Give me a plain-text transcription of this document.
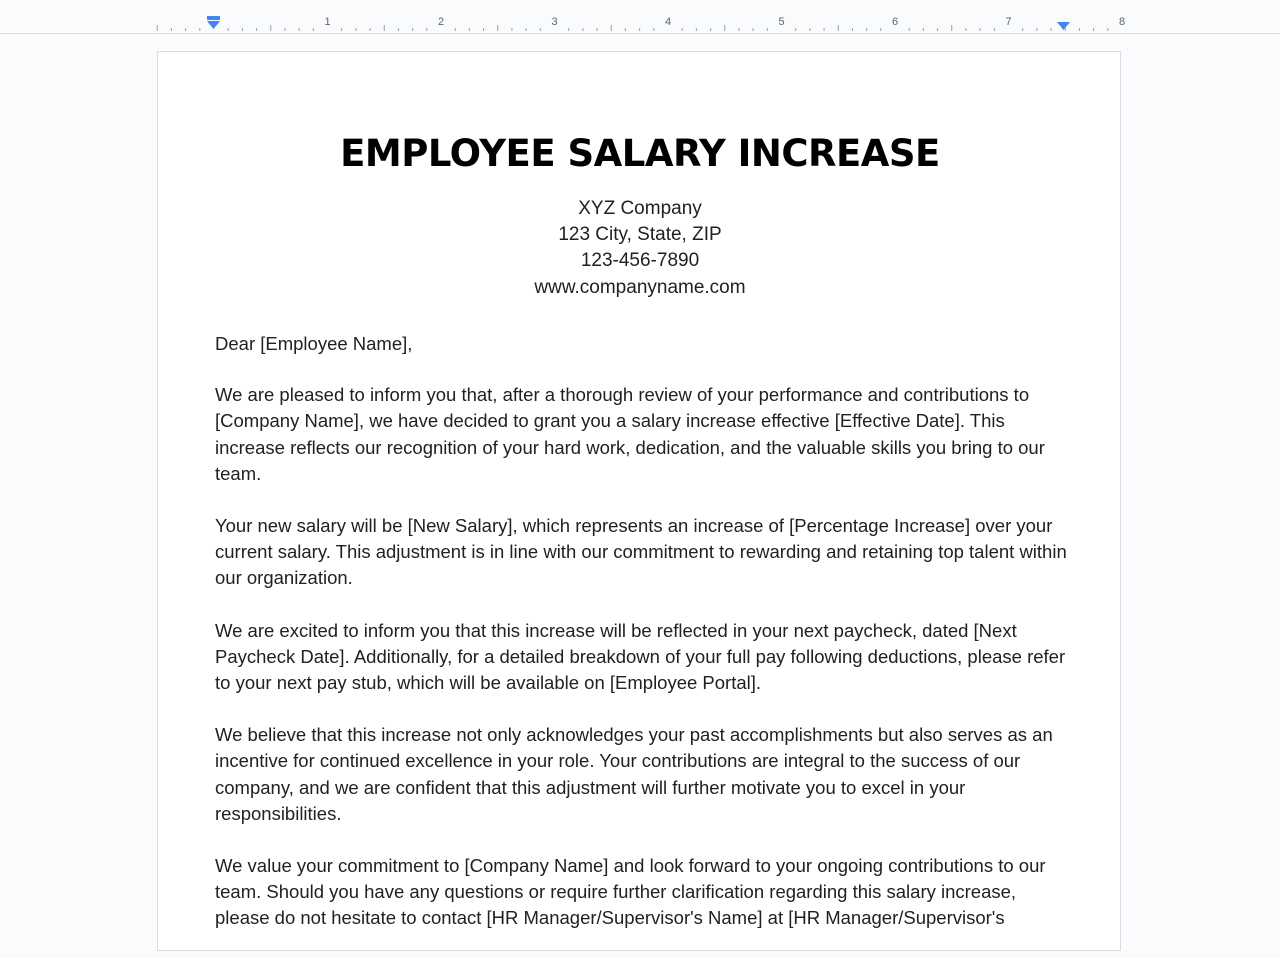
1	2	3	4	5	6	7	8
EMPLOYEE SALARY INCREASE
XYZ Company
123 City, State, ZIP
123-456-7890
www.companyname.com

Dear [Employee Name],

We are pleased to inform you that, after a thorough review of your performance and contributions to [Company Name], we have decided to grant you a salary increase effective [Effective Date]. This increase reflects our recognition of your hard work, dedication, and the valuable skills you bring to our team.

Your new salary will be [New Salary], which represents an increase of [Percentage Increase] over your current salary. This adjustment is in line with our commitment to rewarding and retaining top talent within our organization.

We are excited to inform you that this increase will be reflected in your next paycheck, dated [Next Paycheck Date]. Additionally, for a detailed breakdown of your full pay following deductions, please refer to your next pay stub, which will be available on [Employee Portal].

We believe that this increase not only acknowledges your past accomplishments but also serves as an incentive for continued excellence in your role. Your contributions are integral to the success of our company, and we are confident that this adjustment will further motivate you to excel in your responsibilities.

We value your commitment to [Company Name] and look forward to your ongoing contributions to our team. Should you have any questions or require further clarification regarding this salary increase, please do not hesitate to contact [HR Manager/Supervisor's Name] at [HR Manager/Supervisor's
